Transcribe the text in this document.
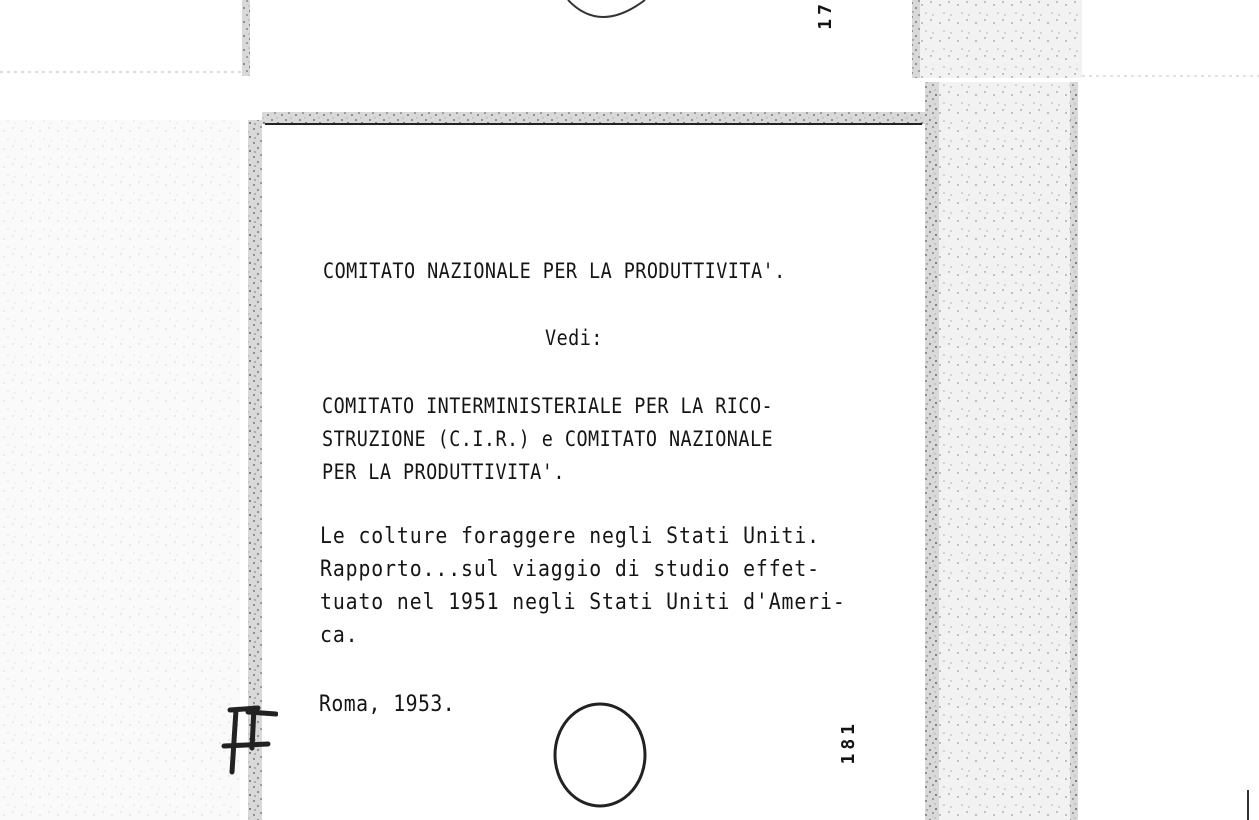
COMITATO NAZIONALE PER LA PRODUTTIVITA'.
Vedi:
COMITATO INTERMINISTERIALE PER LA RICO-
STRUZIONE (C.I.R.) e COMITATO NAZIONALE
PER LA PRODUTTIVITA'.
Le colture foraggere negli Stati Uniti.
Rapporto...sul viaggio di studio effet-
tuato nel 1951 negli Stati Uniti d'Ameri-
ca.
Roma, 1953.
181
17
